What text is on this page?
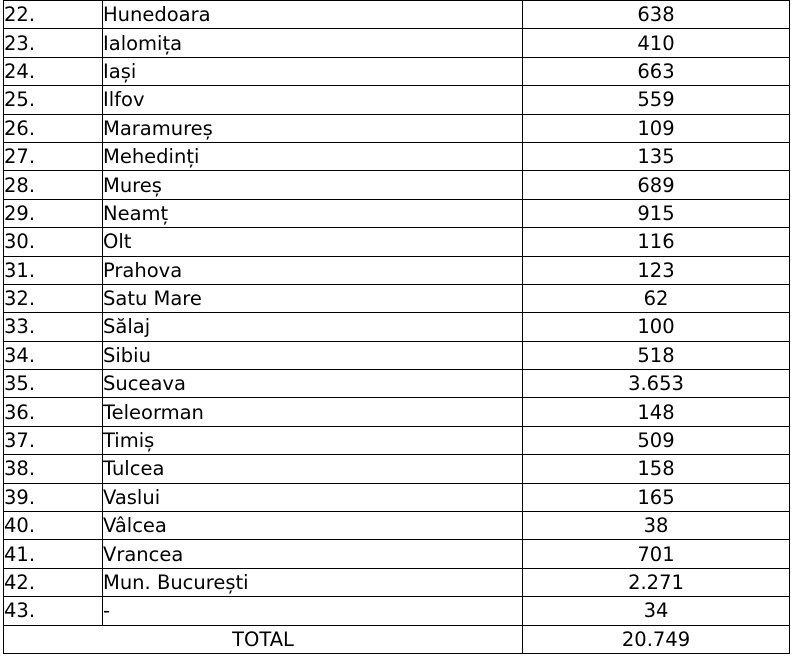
22.	Hunedoara	638
23.	Ialomița	410
24.	Iași	663
25.	Ilfov	559
26.	Maramureș	109
27.	Mehedinți	135
28.	Mureș	689
29.	Neamț	915
30.	Olt	116
31.	Prahova	123
32.	Satu Mare	62
33.	Sălaj	100
34.	Sibiu	518
35.	Suceava	3.653
36.	Teleorman	148
37.	Timiș	509
38.	Tulcea	158
39.	Vaslui	165
40.	Vâlcea	38
41.	Vrancea	701
42.	Mun. București	2.271
43.	-	34
TOTAL		20.749
